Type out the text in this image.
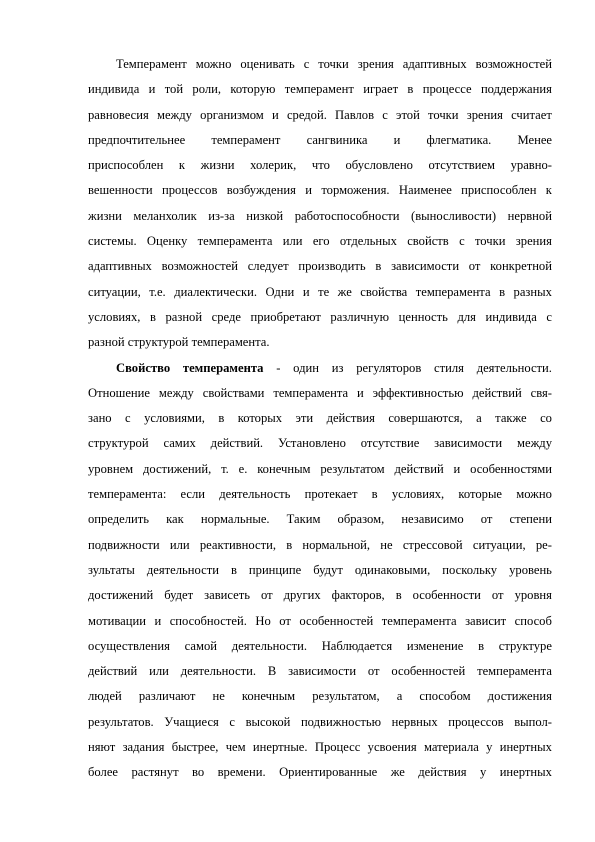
Темперамент можно оценивать с точки зрения адаптивных возможностей
индивида и той роли, которую темперамент играет в процессе поддержания
равновесия между организмом и средой. Павлов с этой точки зрения считает
предпочтительнее темперамент сангвиника и флегматика. Менее
приспособлен к жизни холерик, что обусловлено отсутствием уравно-
вешенности процессов возбуждения и торможения. Наименее приспособлен к
жизни меланхолик из-за низкой работоспособности (выносливости) нервной
системы. Оценку темперамента или его отдельных свойств с точки зрения
адаптивных возможностей следует производить в зависимости от конкретной
ситуации, т.е. диалектически. Одни и те же свойства темперамента в разных
условиях, в разной среде приобретают различную ценность для индивида с
разной структурой темперамента.
Свойство темперамента - один из регуляторов стиля деятельности.
Отношение между свойствами темперамента и эффективностью действий свя-
зано с условиями, в которых эти действия совершаются, а также со
структурой самих действий. Установлено отсутствие зависимости между
уровнем достижений, т. е. конечным результатом действий и особенностями
темперамента: если деятельность протекает в условиях, которые можно
определить как нормальные. Таким образом, независимо от степени
подвижности или реактивности, в нормальной, не стрессовой ситуации, ре-
зультаты деятельности в принципе будут одинаковыми, поскольку уровень
достижений будет зависеть от других факторов, в особенности от уровня
мотивации и способностей. Но от особенностей темперамента зависит способ
осуществления самой деятельности. Наблюдается изменение в структуре
действий или деятельности. В зависимости от особенностей темперамента
людей различают не конечным результатом, а способом достижения
результатов. Учащиеся с высокой подвижностью нервных процессов выпол-
няют задания быстрее, чем инертные. Процесс усвоения материала у инертных
более растянут во времени. Ориентированные же действия у инертных
